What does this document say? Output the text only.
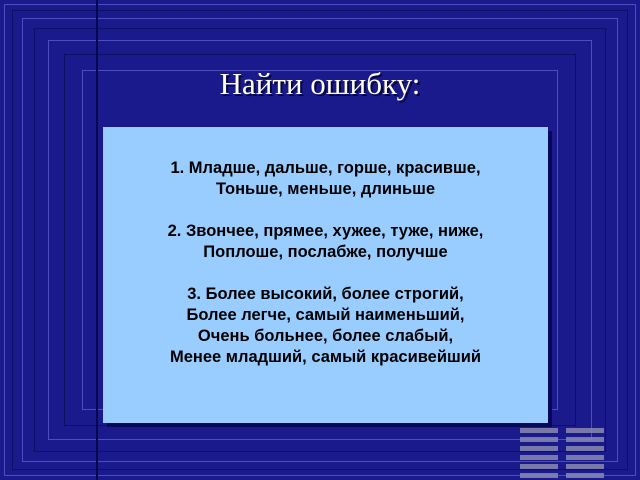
Найти ошибку:
1. Младше, дальше, горше, красивше,
Тоньше, меньше, длиньше
2. Звончее, прямее, хужее, туже, ниже,
Поплоше, послабже, получше
3. Более высокий, более строгий,
Более легче, самый наименьший,
Очень больнее, более слабый,
Менее младший, самый красивейший
